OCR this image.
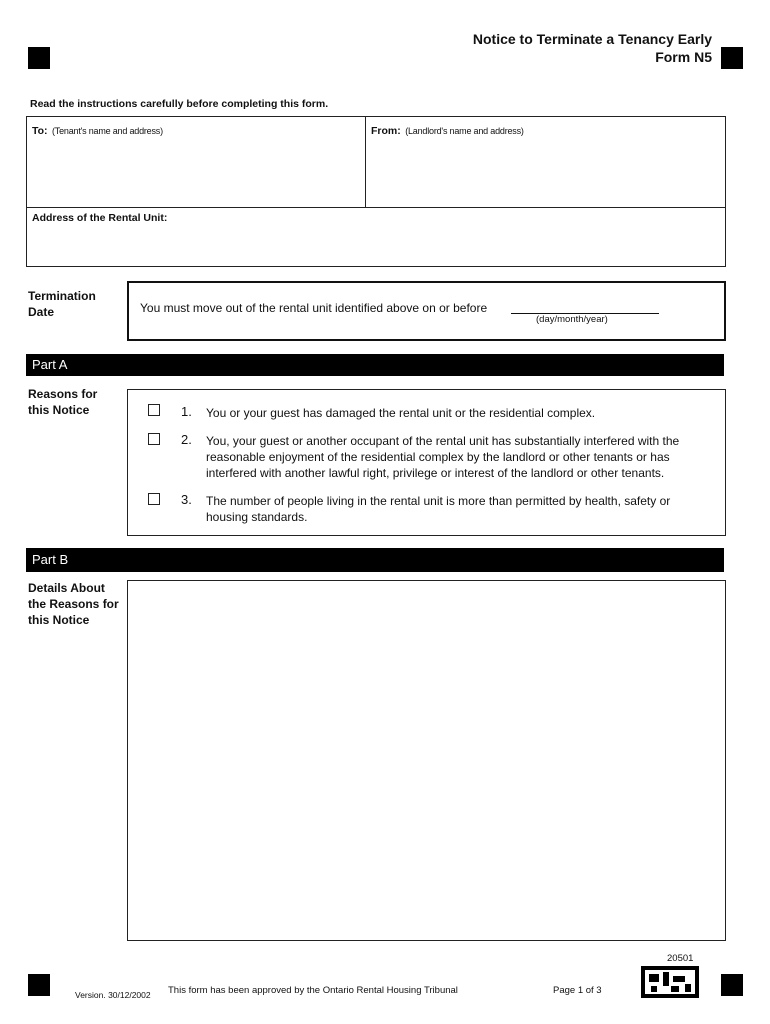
Notice to Terminate a Tenancy Early
Form N5
Read the instructions carefully before completing this form.
To: (Tenant's name and address)	From: (Landlord's name and address)
Address of the Rental Unit:
Termination
Date	You must move out of the rental unit identified above on or before
(day/month/year)
Part A
Reasons for
this Notice	1. You or your guest has damaged the rental unit or the residential complex.
2. You, your guest or another occupant of the rental unit has substantially interfered with the reasonable enjoyment of the residential complex by the landlord or other tenants or has interfered with another lawful right, privilege or interest of the landlord or other tenants.
3. The number of people living in the rental unit is more than permitted by health, safety or housing standards.
Part B
Details About
the Reasons for
this Notice
20501
Version. 30/12/2002 This form has been approved by the Ontario Rental Housing Tribunal	Page 1 of 3
